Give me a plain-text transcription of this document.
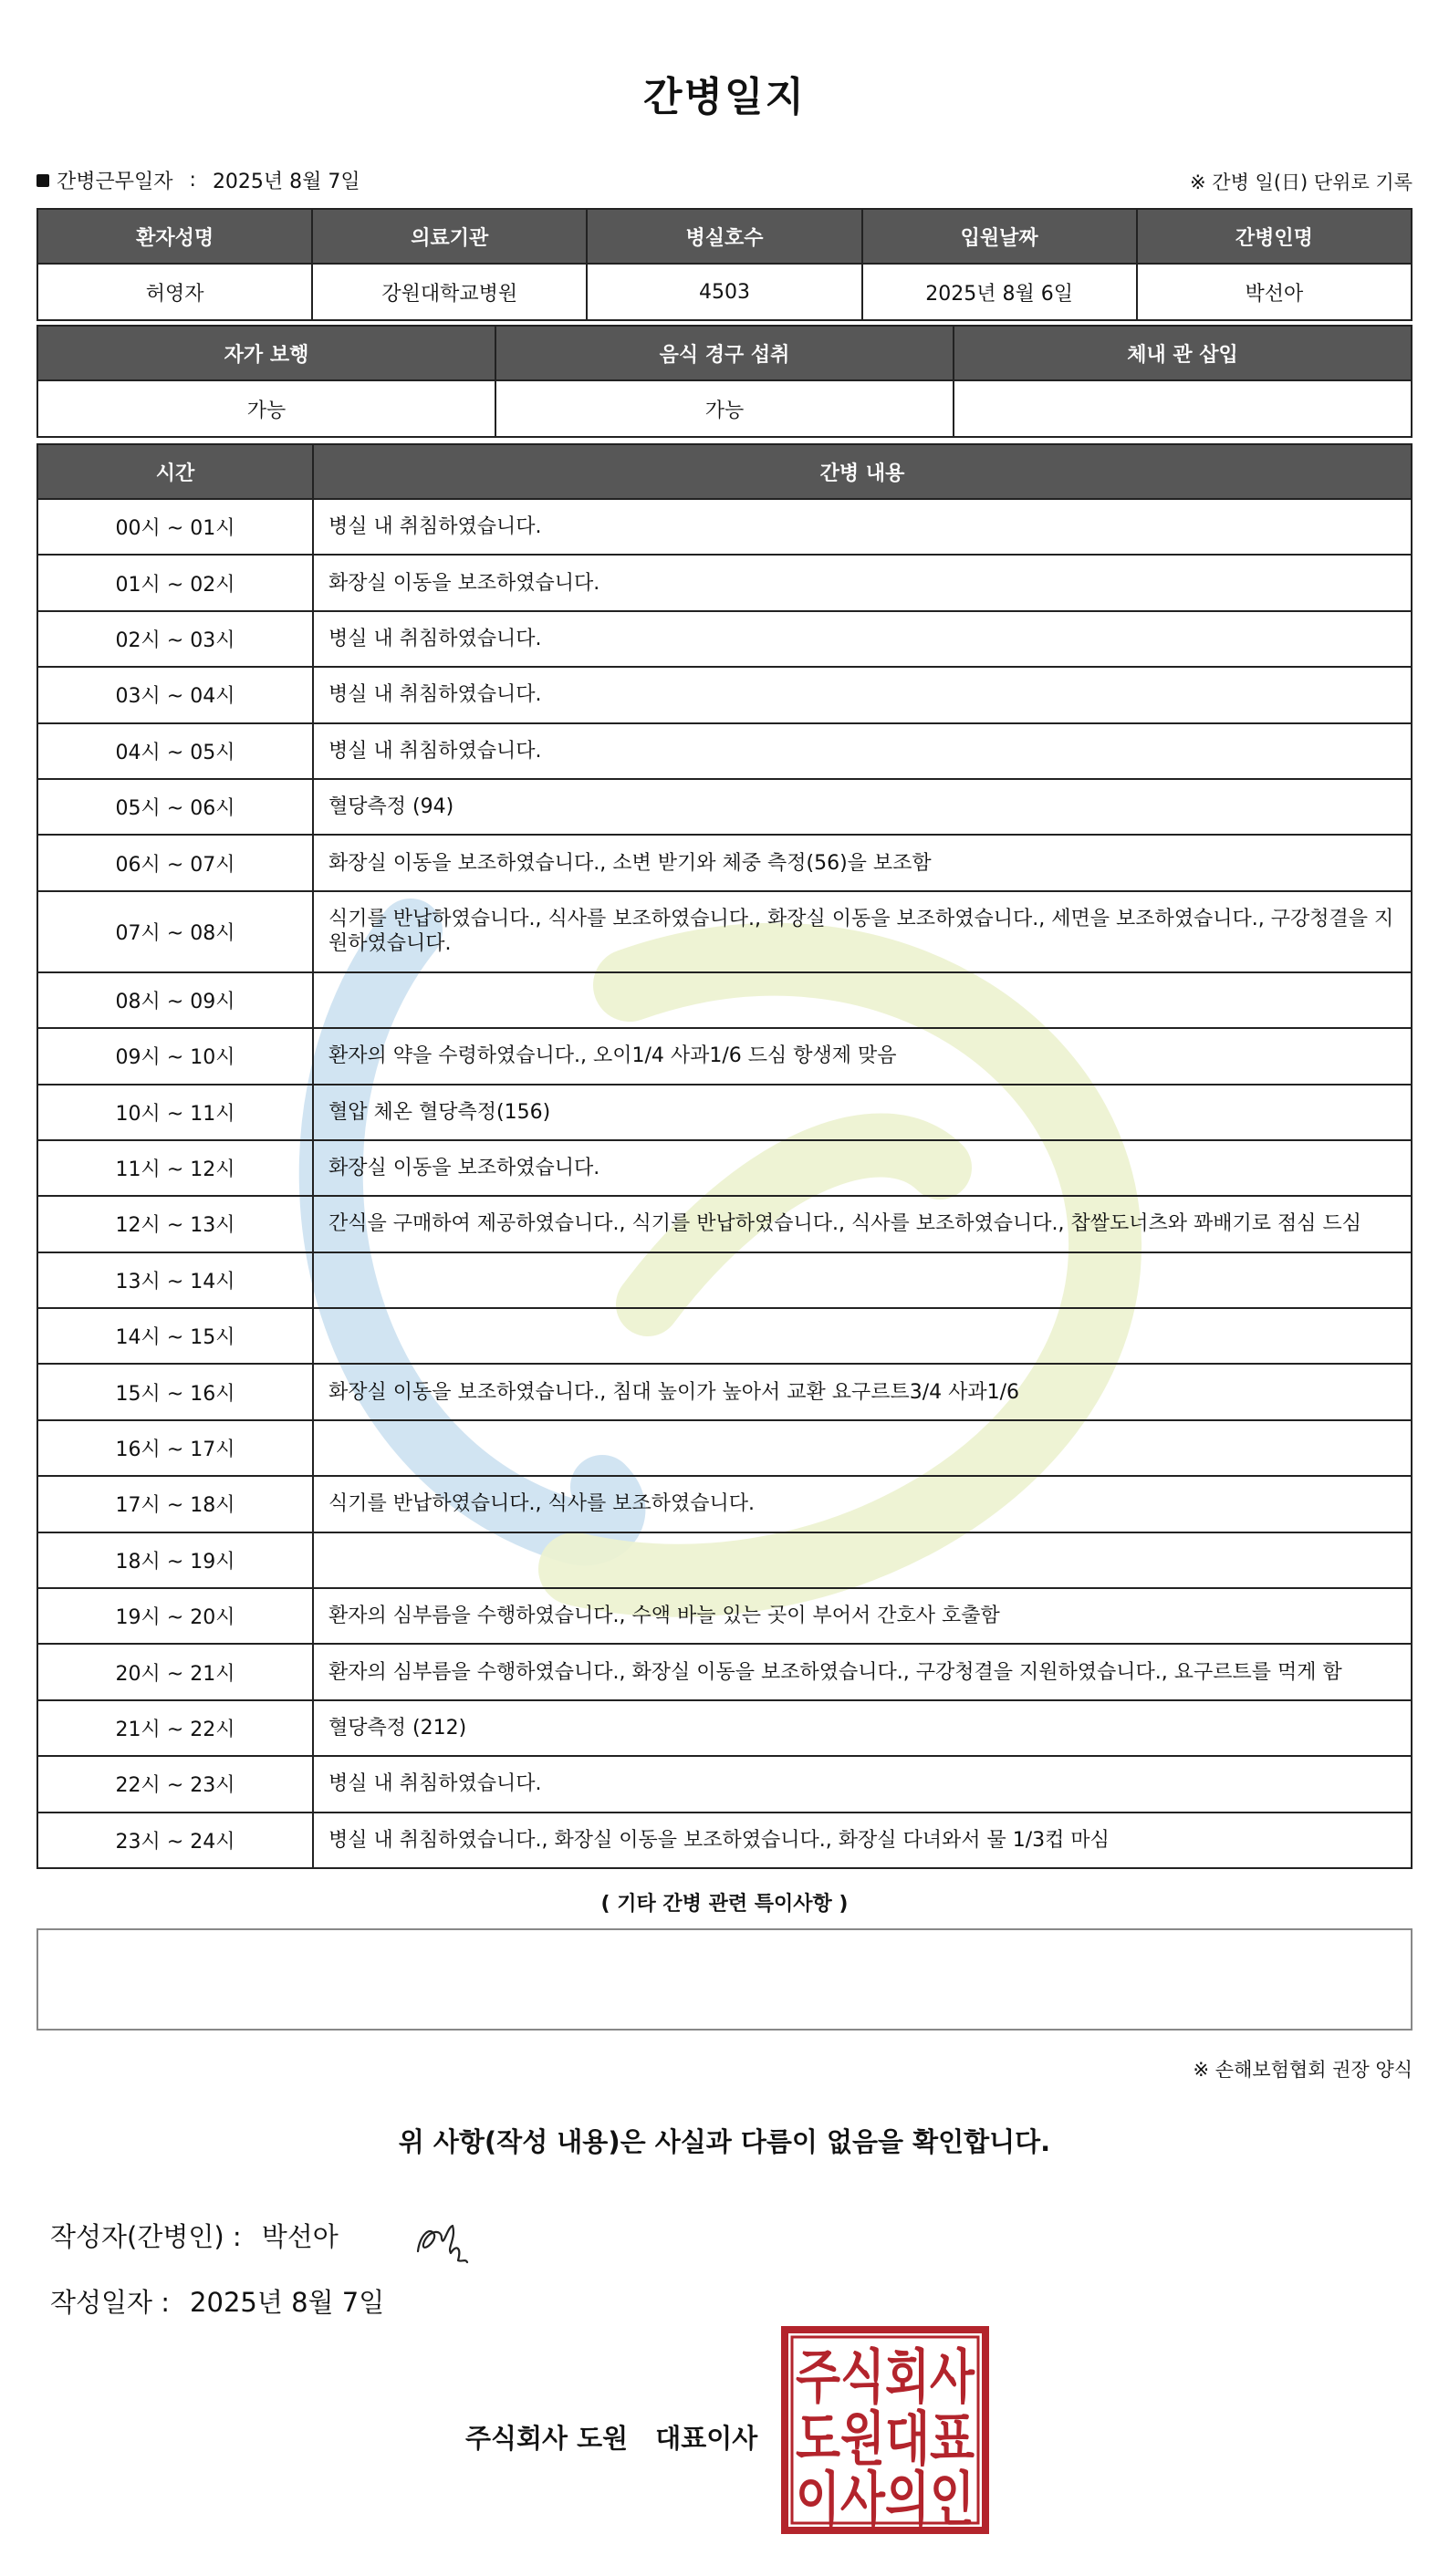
간병일지
간병근무일자 : 2025년 8월 7일	※ 간병 일(日) 단위로 기록
환자성명	의료기관	병실호수	입원날짜	간병인명
허영자	강원대학교병원	4503	2025년 8월 6일	박선아
자가 보행	음식 경구 섭취	체내 관 삽입
가능	가능	
시간	간병 내용
00시 ~ 01시	병실 내 취침하였습니다.
01시 ~ 02시	화장실 이동을 보조하였습니다.
02시 ~ 03시	병실 내 취침하였습니다.
03시 ~ 04시	병실 내 취침하였습니다.
04시 ~ 05시	병실 내 취침하였습니다.
05시 ~ 06시	혈당측정 (94)
06시 ~ 07시	화장실 이동을 보조하였습니다., 소변 받기와 체중 측정(56)을 보조함
07시 ~ 08시	식기를 반납하였습니다., 식사를 보조하였습니다., 화장실 이동을 보조하였습니다., 세면을 보조하였습니다., 구강청결을 지원하였습니다.
08시 ~ 09시	
09시 ~ 10시	환자의 약을 수령하였습니다., 오이1/4 사과1/6 드심 항생제 맞음
10시 ~ 11시	혈압 체온 혈당측정(156)
11시 ~ 12시	화장실 이동을 보조하였습니다.
12시 ~ 13시	간식을 구매하여 제공하였습니다., 식기를 반납하였습니다., 식사를 보조하였습니다., 찹쌀도너츠와 꽈배기로 점심 드심
13시 ~ 14시	
14시 ~ 15시	
15시 ~ 16시	화장실 이동을 보조하였습니다., 침대 높이가 높아서 교환 요구르트3/4 사과1/6
16시 ~ 17시	
17시 ~ 18시	식기를 반납하였습니다., 식사를 보조하였습니다.
18시 ~ 19시	
19시 ~ 20시	환자의 심부름을 수행하였습니다., 수액 바늘 있는 곳이 부어서 간호사 호출함
20시 ~ 21시	환자의 심부름을 수행하였습니다., 화장실 이동을 보조하였습니다., 구강청결을 지원하였습니다., 요구르트를 먹게 함
21시 ~ 22시	혈당측정 (212)
22시 ~ 23시	병실 내 취침하였습니다.
23시 ~ 24시	병실 내 취침하였습니다., 화장실 이동을 보조하였습니다., 화장실 다녀와서 물 1/3컵 마심
( 기타 간병 관련 특이사항 )
※ 손해보험협회 권장 양식
위 사항(작성 내용)은 사실과 다름이 없음을 확인합니다.
작성자(간병인) : 박선아
작성일자 : 2025년 8월 7일
주식회사 도원 대표이사
주식회사
도원대표
이사의인
